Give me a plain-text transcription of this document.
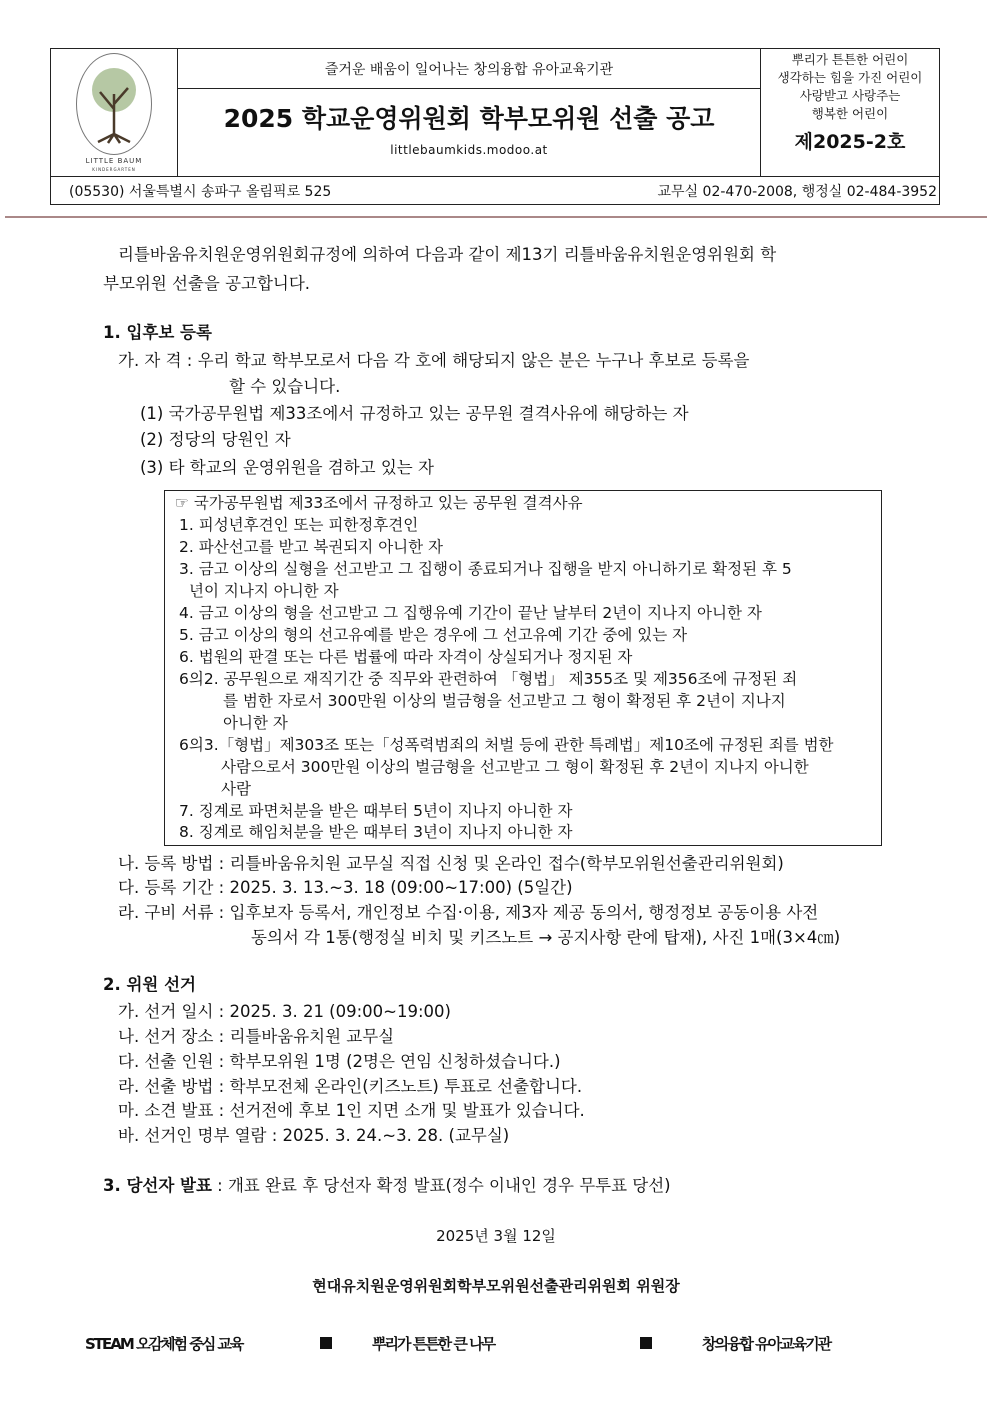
LITTLE BAUM
KINDERGARTEN
즐거운 배움이 일어나는 창의융합 유아교육기관
2025 학교운영위원회 학부모위원 선출 공고
littlebaumkids.modoo.at
뿌리가 튼튼한 어린이
생각하는 힘을 가진 어린이
사랑받고 사랑주는
행복한 어린이
제2025-2호
(05530) 서울특별시 송파구 올림픽로 525	교무실 02-470-2008, 행정실 02-484-3952
리틀바움유치원운영위원회규정에 의하여 다음과 같이 제13기 리틀바움유치원운영위원회 학
부모위원 선출을 공고합니다.
1. 입후보 등록
가. 자 격 : 우리 학교 학부모로서 다음 각 호에 해당되지 않은 분은 누구나 후보로 등록을
할 수 있습니다.
(1) 국가공무원법 제33조에서 규정하고 있는 공무원 결격사유에 해당하는 자
(2) 정당의 당원인 자
(3) 타 학교의 운영위원을 겸하고 있는 자
☞ 국가공무원법 제33조에서 규정하고 있는 공무원 결격사유
1. 피성년후견인 또는 피한정후견인
2. 파산선고를 받고 복권되지 아니한 자
3. 금고 이상의 실형을 선고받고 그 집행이 종료되거나 집행을 받지 아니하기로 확정된 후 5
년이 지나지 아니한 자
4. 금고 이상의 형을 선고받고 그 집행유예 기간이 끝난 날부터 2년이 지나지 아니한 자
5. 금고 이상의 형의 선고유예를 받은 경우에 그 선고유예 기간 중에 있는 자
6. 법원의 판결 또는 다른 법률에 따라 자격이 상실되거나 정지된 자
6의2. 공무원으로 재직기간 중 직무와 관련하여 「형법」 제355조 및 제356조에 규정된 죄
를 범한 자로서 300만원 이상의 벌금형을 선고받고 그 형이 확정된 후 2년이 지나지
아니한 자
6의3.「형법」제303조 또는「성폭력범죄의 처벌 등에 관한 특례법」제10조에 규정된 죄를 범한
사람으로서 300만원 이상의 벌금형을 선고받고 그 형이 확정된 후 2년이 지나지 아니한
사람
7. 징계로 파면처분을 받은 때부터 5년이 지나지 아니한 자
8. 징계로 해임처분을 받은 때부터 3년이 지나지 아니한 자
나. 등록 방법 : 리틀바움유치원 교무실 직접 신청 및 온라인 접수(학부모위원선출관리위원회)
다. 등록 기간 : 2025. 3. 13.~3. 18 (09:00~17:00) (5일간)
라. 구비 서류 : 입후보자 등록서, 개인정보 수집·이용, 제3자 제공 동의서, 행정정보 공동이용 사전
동의서 각 1통(행정실 비치 및 키즈노트 → 공지사항 란에 탑재), 사진 1매(3×4㎝)
2. 위원 선거
가. 선거 일시 : 2025. 3. 21 (09:00~19:00)
나. 선거 장소 : 리틀바움유치원 교무실
다. 선출 인원 : 학부모위원 1명 (2명은 연임 신청하셨습니다.)
라. 선출 방법 : 학부모전체 온라인(키즈노트) 투표로 선출합니다.
마. 소견 발표 : 선거전에 후보 1인 지면 소개 및 발표가 있습니다.
바. 선거인 명부 열람 : 2025. 3. 24.~3. 28. (교무실)
3. 당선자 발표 : 개표 완료 후 당선자 확정 발표(정수 이내인 경우 무투표 당선)
2025년 3월 12일
현대유치원운영위원회학부모위원선출관리위원회 위원장
STEAM 오감체험 중심 교육	뿌리가 튼튼한 큰 나무	창의융합 유아교육기관
